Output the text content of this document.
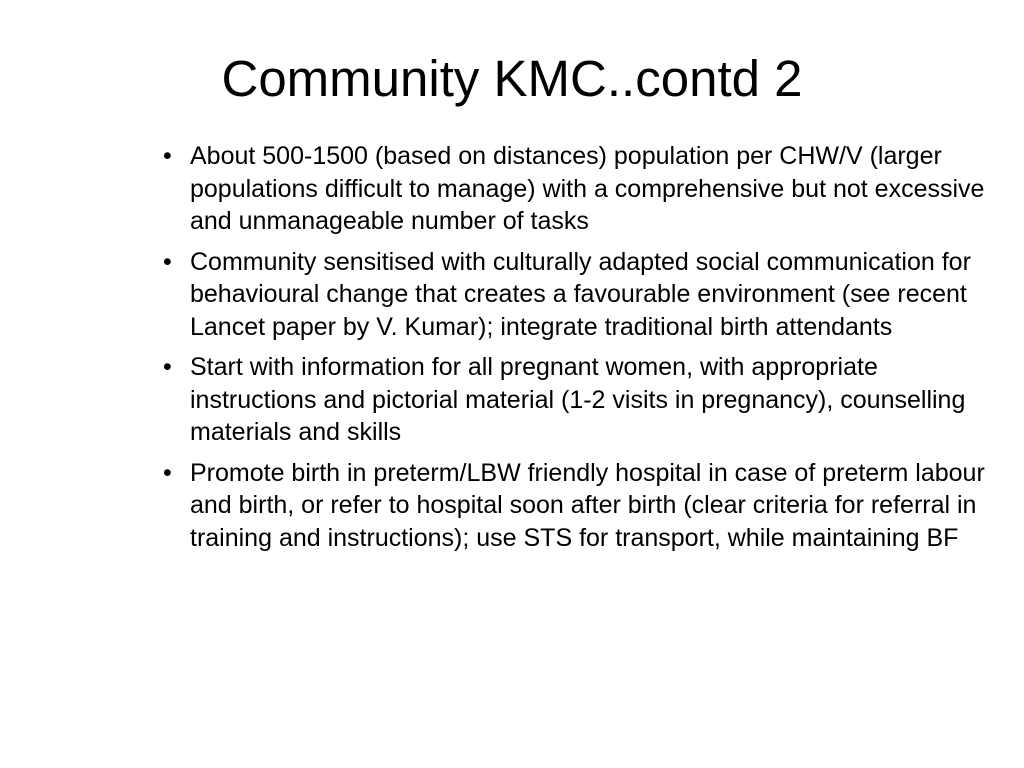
Community KMC..contd 2
• About 500-1500 (based on distances) population per CHW/V (larger populations difficult to manage) with a comprehensive but not excessive and unmanageable number of tasks
• Community sensitised with culturally adapted social communication for behavioural change that creates a favourable environment (see recent Lancet paper by V. Kumar); integrate traditional birth attendants
• Start with information for all pregnant women, with appropriate instructions and pictorial material (1-2 visits in pregnancy), counselling materials and skills
• Promote birth in preterm/LBW friendly hospital in case of preterm labour and birth, or refer to hospital soon after birth (clear criteria for referral in training and instructions); use STS for transport, while maintaining BF
